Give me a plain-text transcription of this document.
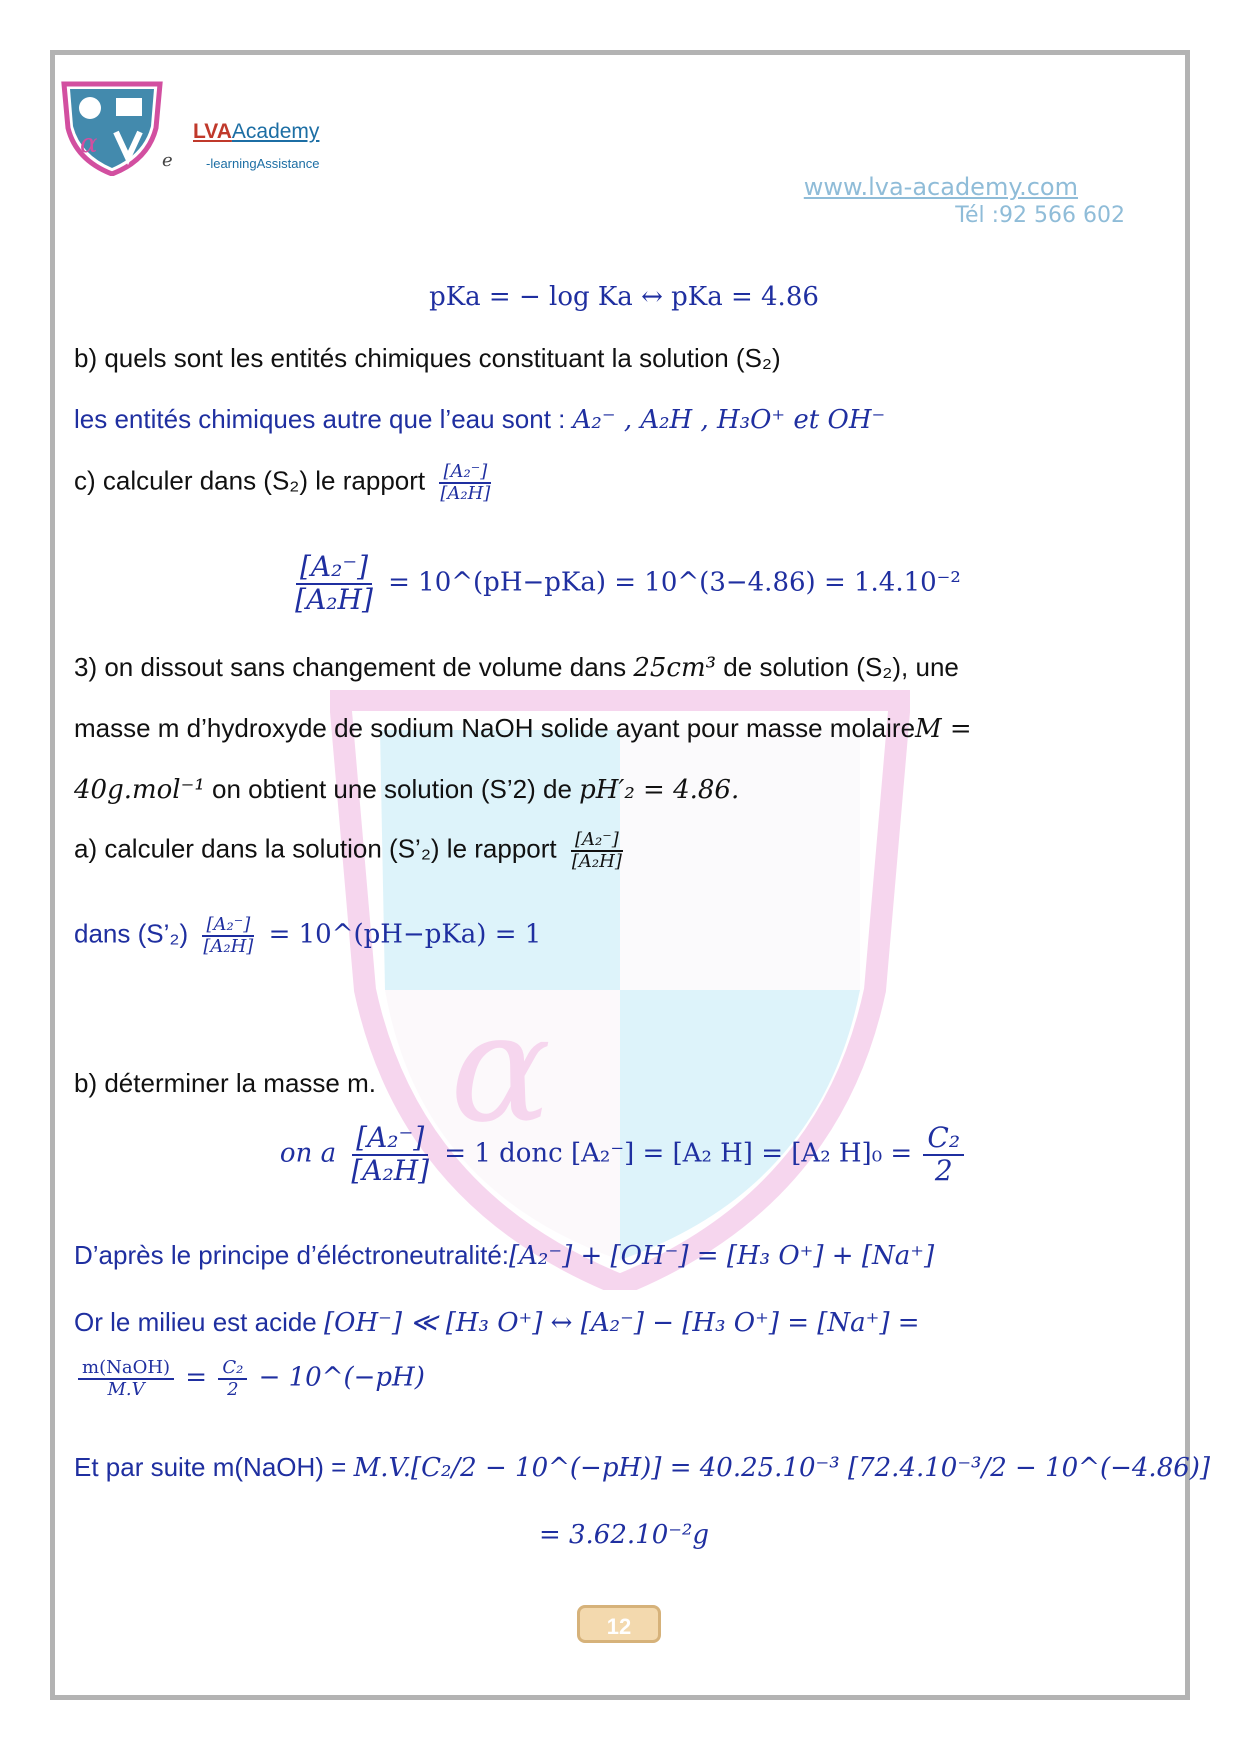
α	LVAAcademy
e	-learningAssistance
www.lva-academy.com
Tél :92 566 602
α
pKa = − log Ka ↔ pKa = 4.86
b) quels sont les entités chimiques constituant la solution (S₂)
les entités chimiques autre que l’eau sont : A₂⁻ , A₂H , H₃O⁺ et OH⁻
c) calculer dans (S₂) le rapport $\frac{\text{[A₂⁻]}}{\text{[A₂H]}}$
$\frac{\text{[A₂⁻]}}{\text{[A₂H]}}$ = 10^(pH−pKa) = 10^(3−4.86) = 1.4.10⁻²
3) on dissout sans changement de volume dans 25cm³ de solution (S₂), une
masse m d’hydroxyde de sodium NaOH solide ayant pour masse molaireM =
40g.mol⁻¹ on obtient une solution (S’2) de pH′₂ = 4.86.
a) calculer dans la solution (S’₂) le rapport $\frac{\text{[A₂⁻]}}{\text{[A₂H]}}$
dans (S’₂) $\frac{\text{[A₂⁻]}}{\text{[A₂H]}}$ = 10^(pH−pKa) = 1
b) déterminer la masse m.
on a $\frac{\text{[A₂⁻]}}{\text{[A₂H]}} = 1$ donc [A₂⁻] = [A₂ H] = [A₂ $H]_0 = \frac{\text{C₂}}{2}$
D’après le principe d’éléctroneutralité:[A₂⁻] + [OH⁻] = [H₃ O⁺] + [Na⁺]
Or le milieu est acide [OH⁻] ≪ [H₃ O⁺] ↔ [A₂⁻] − [H₃ O⁺] = [Na⁺] =
$\frac{\text{m(NaOH)}}{M.V} = \frac{\text{C₂}}{2}$ − 10^(−pH)
Et par suite m(NaOH) = M.V.[C₂/2 − 10^(−pH)] = 40.25.10⁻³ [72.4.10⁻³/2 − 10^(−4.86)]
= 3.62.10⁻²g
12
